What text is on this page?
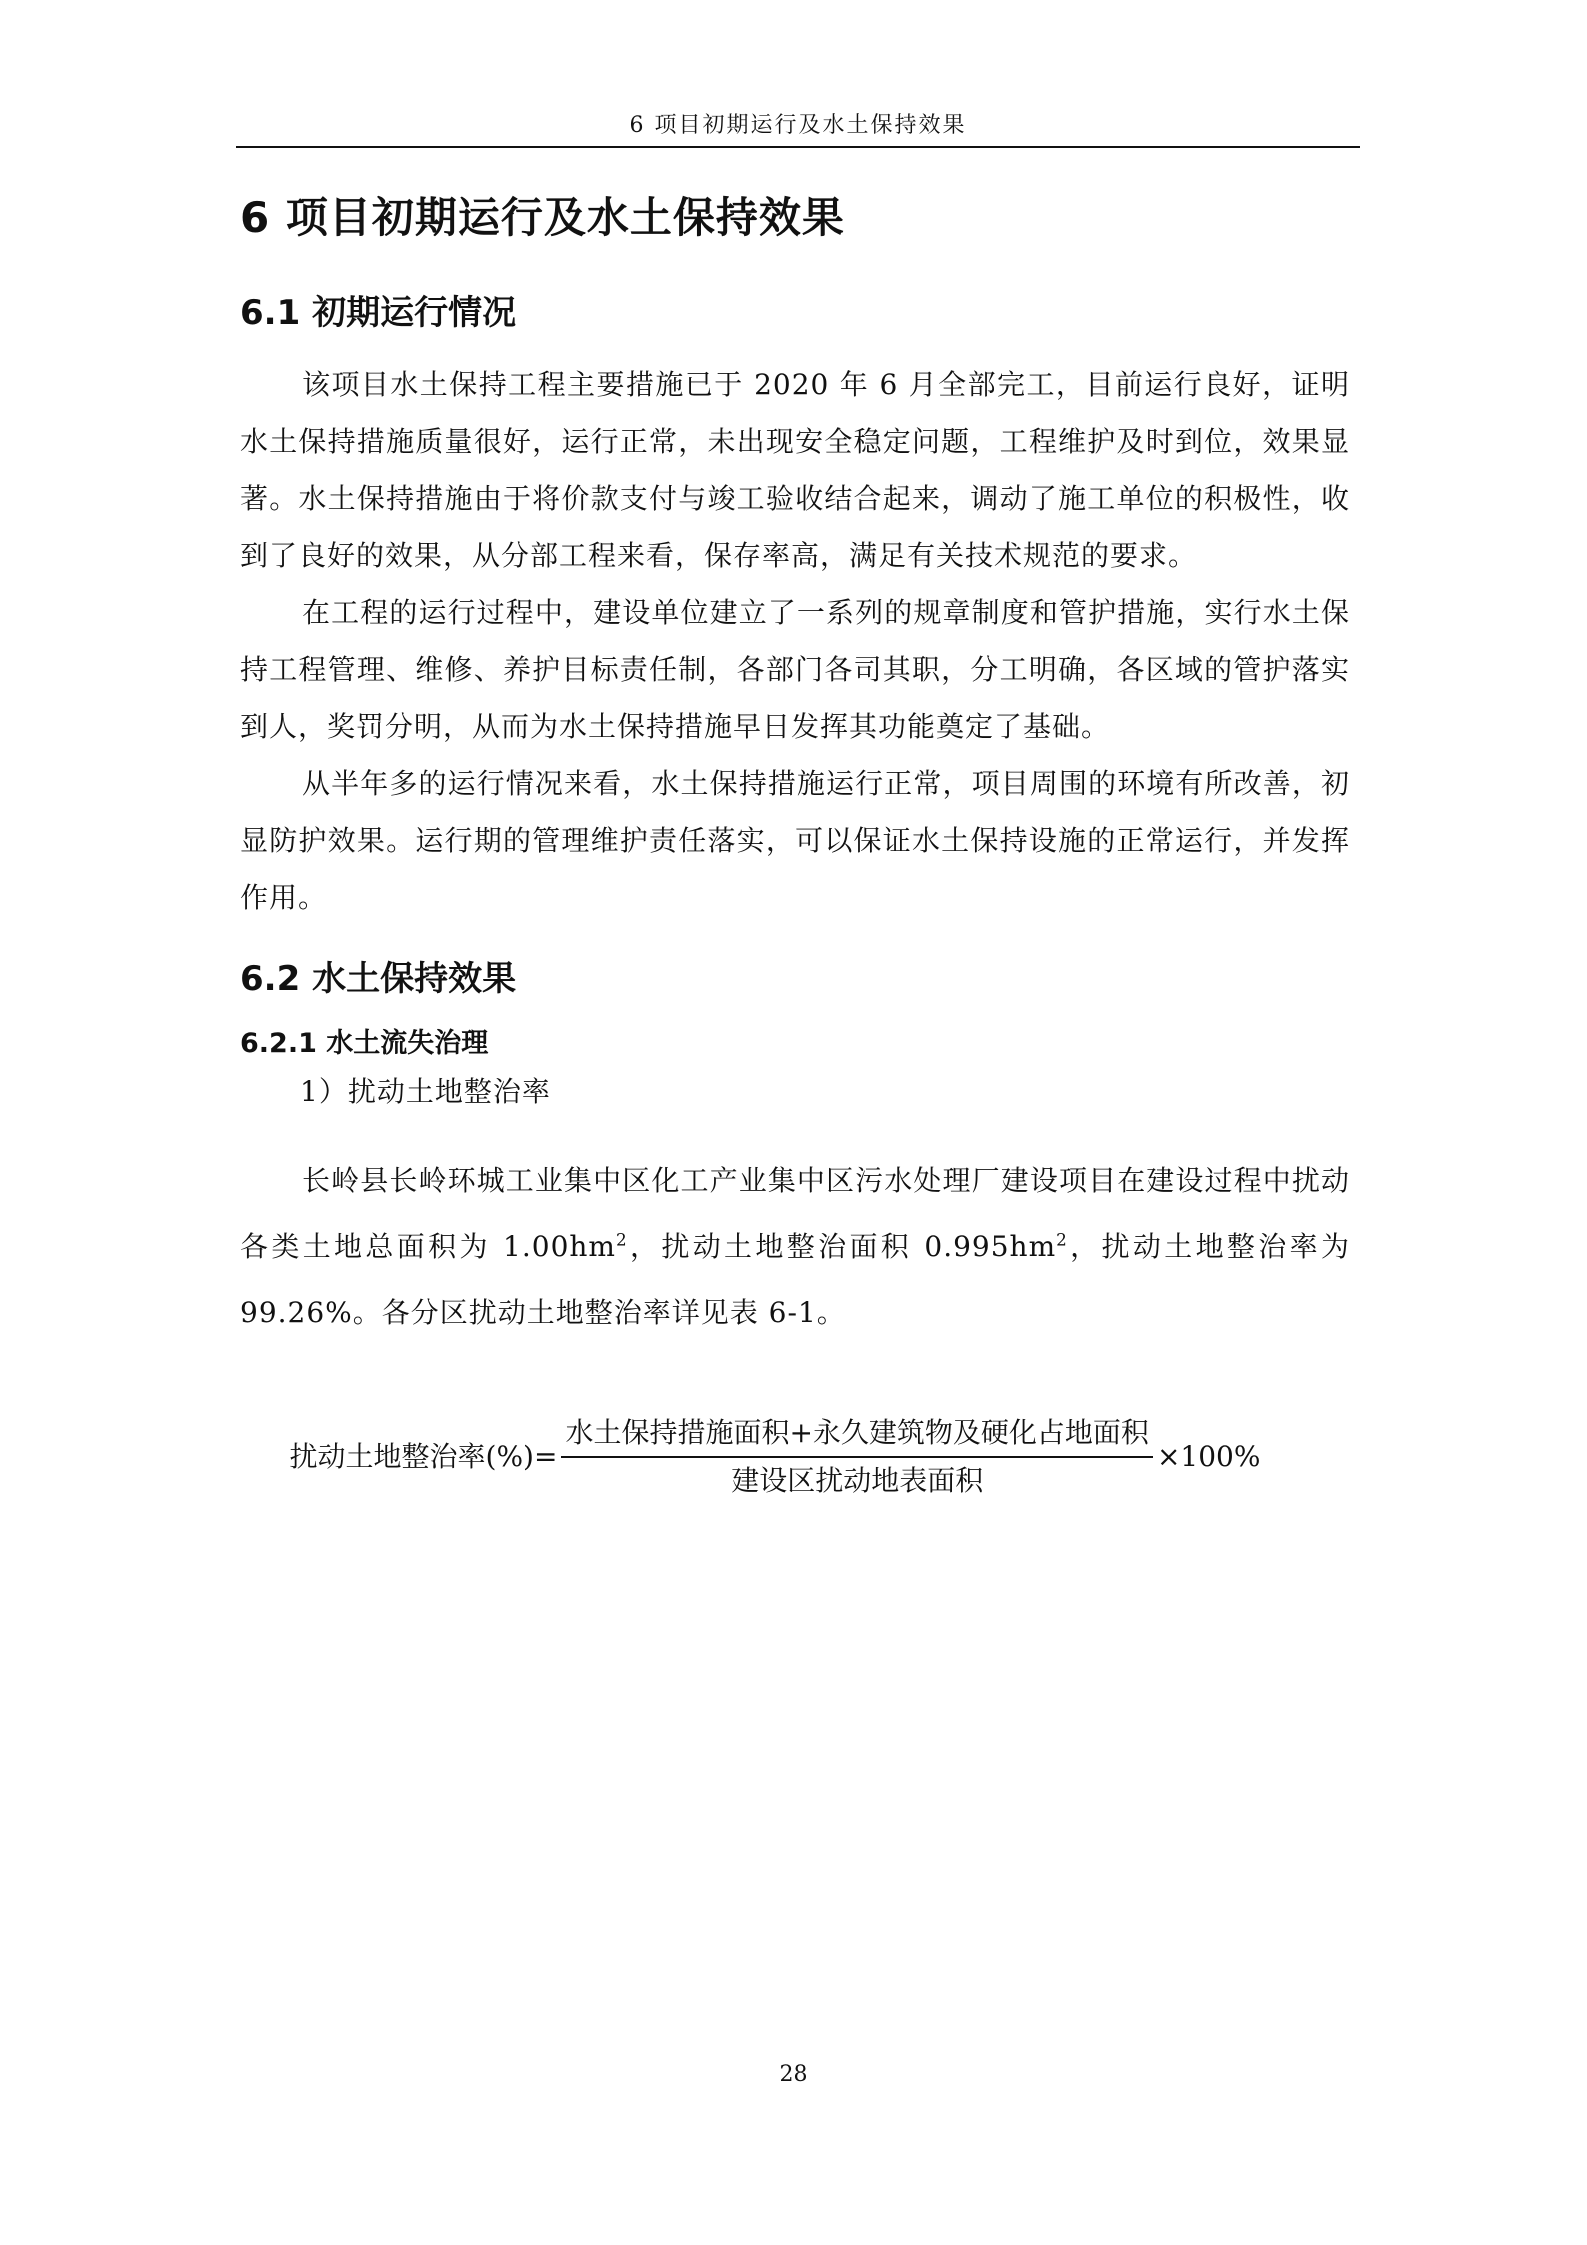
6 项目初期运行及水土保持效果
6 项目初期运行及水土保持效果
6.1 初期运行情况

该项目水土保持工程主要措施已于 2020 年 6 月全部完工，目前运行良好，证明水土保持措施质量很好，运行正常，未出现安全稳定问题，工程维护及时到位，效果显著。水土保持措施由于将价款支付与竣工验收结合起来，调动了施工单位的积极性，收到了良好的效果，从分部工程来看，保存率高，满足有关技术规范的要求。

在工程的运行过程中，建设单位建立了一系列的规章制度和管护措施，实行水土保持工程管理、维修、养护目标责任制，各部门各司其职，分工明确，各区域的管护落实到人，奖罚分明，从而为水土保持措施早日发挥其功能奠定了基础。

从半年多的运行情况来看，水土保持措施运行正常，项目周围的环境有所改善，初显防护效果。运行期的管理维护责任落实，可以保证水土保持设施的正常运行，并发挥作用。

6.2 水土保持效果
6.2.1 水土流失治理
1）扰动土地整治率

长岭县长岭环城工业集中区化工产业集中区污水处理厂建设项目在建设过程中扰动各类土地总面积为 $1.00hm^2$，扰动土地整治面积 $0.995hm^2$，扰动土地整治率为 99.26%。各分区扰动土地整治率详见表 6-1。

扰动土地整治率(%) = $\frac{\text{水土保持措施面积+永久建筑物及硬化占地面积}}{\text{建设区扰动地表面积}} \times 100\%$
28
